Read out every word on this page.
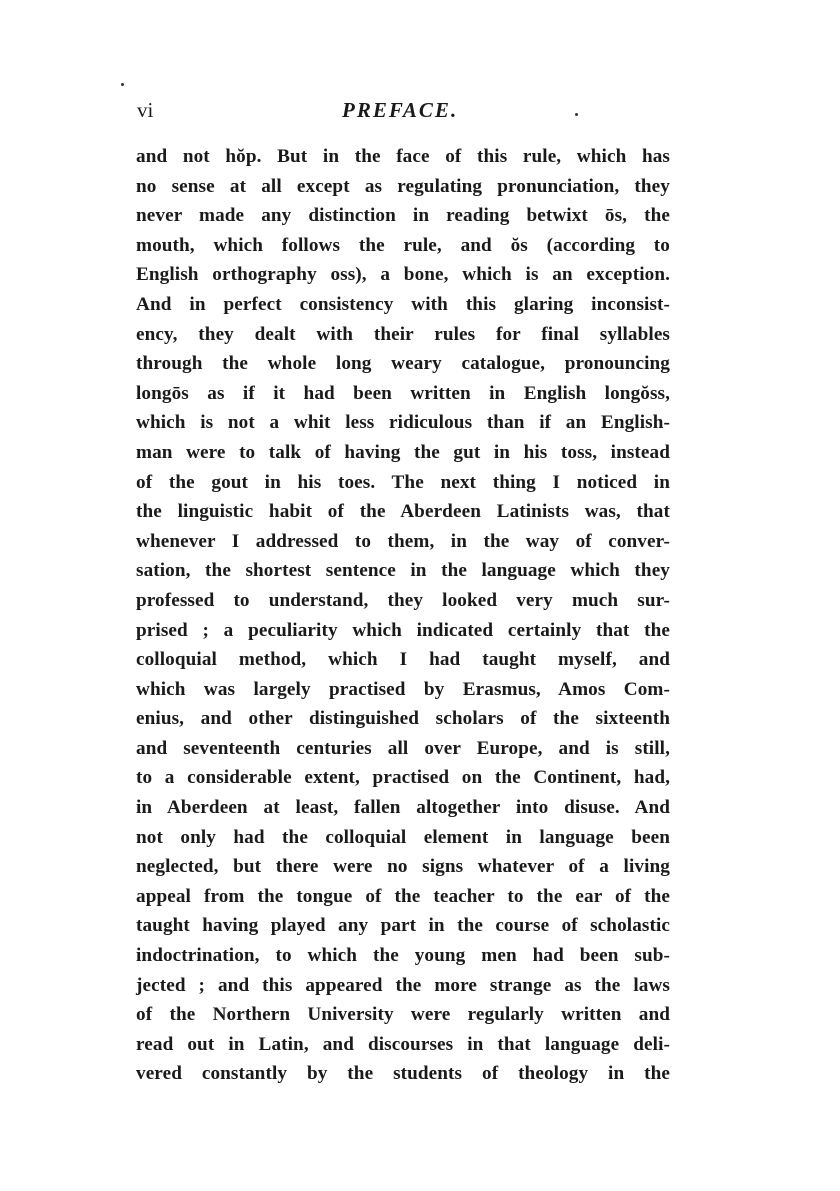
vi	PREFACE.
and not hŏp. But in the face of this rule, which has
no sense at all except as regulating pronunciation, they
never made any distinction in reading betwixt ōs, the
mouth, which follows the rule, and ŏs (according to
English orthography oss), a bone, which is an exception.
And in perfect consistency with this glaring inconsist-
ency, they dealt with their rules for final syllables
through the whole long weary catalogue, pronouncing
longōs as if it had been written in English longŏss,
which is not a whit less ridiculous than if an English-
man were to talk of having the gut in his toss, instead
of the gout in his toes. The next thing I noticed in
the linguistic habit of the Aberdeen Latinists was, that
whenever I addressed to them, in the way of conver-
sation, the shortest sentence in the language which they
professed to understand, they looked very much sur-
prised ; a peculiarity which indicated certainly that the
colloquial method, which I had taught myself, and
which was largely practised by Erasmus, Amos Com-
enius, and other distinguished scholars of the sixteenth
and seventeenth centuries all over Europe, and is still,
to a considerable extent, practised on the Continent, had,
in Aberdeen at least, fallen altogether into disuse. And
not only had the colloquial element in language been
neglected, but there were no signs whatever of a living
appeal from the tongue of the teacher to the ear of the
taught having played any part in the course of scholastic
indoctrination, to which the young men had been sub-
jected ; and this appeared the more strange as the laws
of the Northern University were regularly written and
read out in Latin, and discourses in that language deli-
vered constantly by the students of theology in the
